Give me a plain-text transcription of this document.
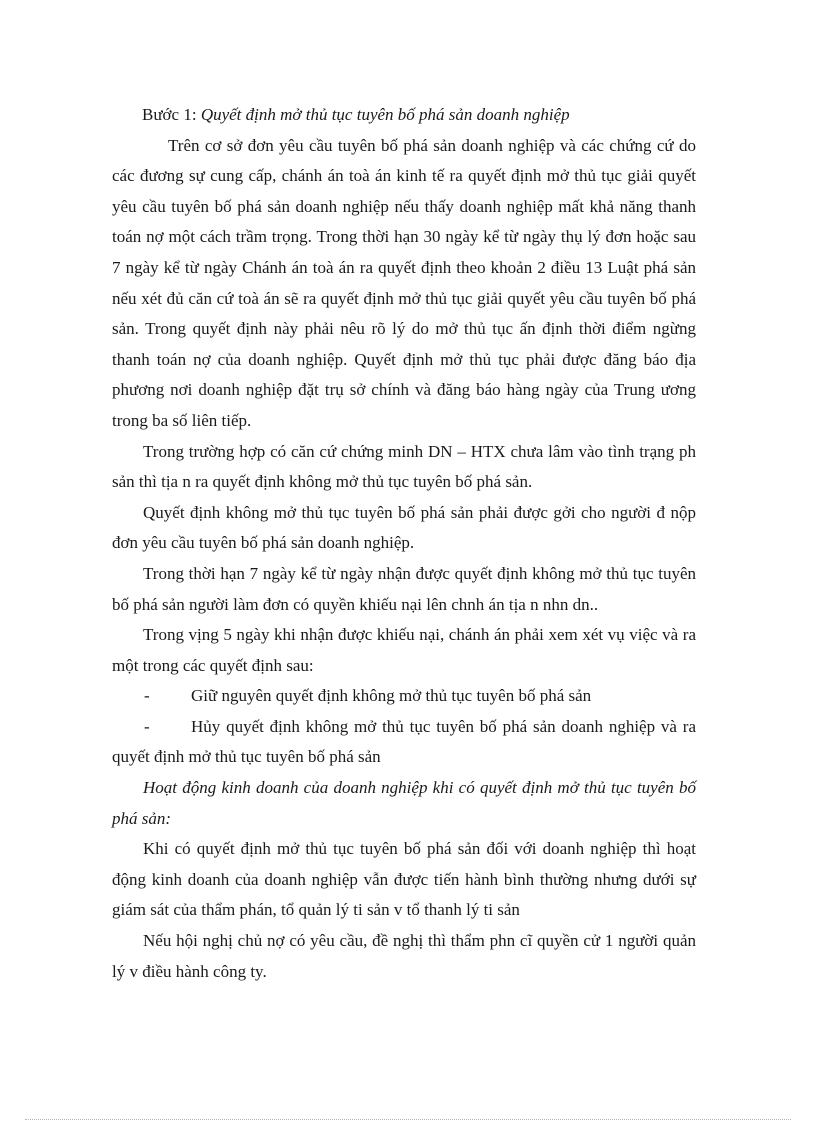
Bước 1: Quyết định mở thủ tục tuyên bố phá sản doanh nghiệp

Trên cơ sở đơn yêu cầu tuyên bố phá sản doanh nghiệp và các chứng cứ do các đương sự cung cấp, chánh án toà án kinh tế ra quyết định mở thủ tục giải quyết yêu cầu tuyên bố phá sản doanh nghiệp nếu thấy doanh nghiệp mất khả năng thanh toán nợ một cách trầm trọng. Trong thời hạn 30 ngày kể từ ngày thụ lý đơn hoặc sau 7 ngày kể từ ngày Chánh án toà án ra quyết định theo khoản 2 điều 13 Luật phá sản nếu xét đủ căn cứ toà án sẽ ra quyết định mở thủ tục giải quyết yêu cầu tuyên bố phá sản. Trong quyết định này phải nêu rõ lý do mở thủ tục ấn định thời điểm ngừng thanh toán nợ của doanh nghiệp. Quyết định mở thủ tục phải được đăng báo địa phương nơi doanh nghiệp đặt trụ sở chính và đăng báo hàng ngày của Trung ương trong ba số liên tiếp.

Trong trường hợp có căn cứ chứng minh DN – HTX chưa lâm vào tình trạng ph sản thì tịa n ra quyết định không mở thủ tục tuyên bố phá sản.

Quyết định không mở thủ tục tuyên bố phá sản phải được gởi cho người đ nộp đơn yêu cầu tuyên bố phá sản doanh nghiệp.

Trong thời hạn 7 ngày kể từ ngày nhận được quyết định không mở thủ tục tuyên bố phá sản người làm đơn có quyền khiếu nại lên chnh án tịa n nhn dn..

Trong vịng 5 ngày khi nhận được khiếu nại, chánh án phải xem xét vụ việc và ra một trong các quyết định sau:

-	Giữ nguyên quyết định không mở thủ tục tuyên bố phá sản

- Hủy quyết định không mở thủ tục tuyên bố phá sản doanh nghiệp và ra quyết định mở thủ tục tuyên bố phá sản

Hoạt động kinh doanh của doanh nghiệp khi có quyết định mở thủ tục tuyên bố phá sản:

Khi có quyết định mở thủ tục tuyên bố phá sản đối với doanh nghiệp thì hoạt động kinh doanh của doanh nghiệp vẫn được tiến hành bình thường nhưng dưới sự giám sát của thẩm phán, tổ quản lý ti sản v tổ thanh lý ti sản

Nếu hội nghị chủ nợ có yêu cầu, đề nghị thì thẩm phn cĩ quyền cử 1 người quản lý v điều hành công ty.
